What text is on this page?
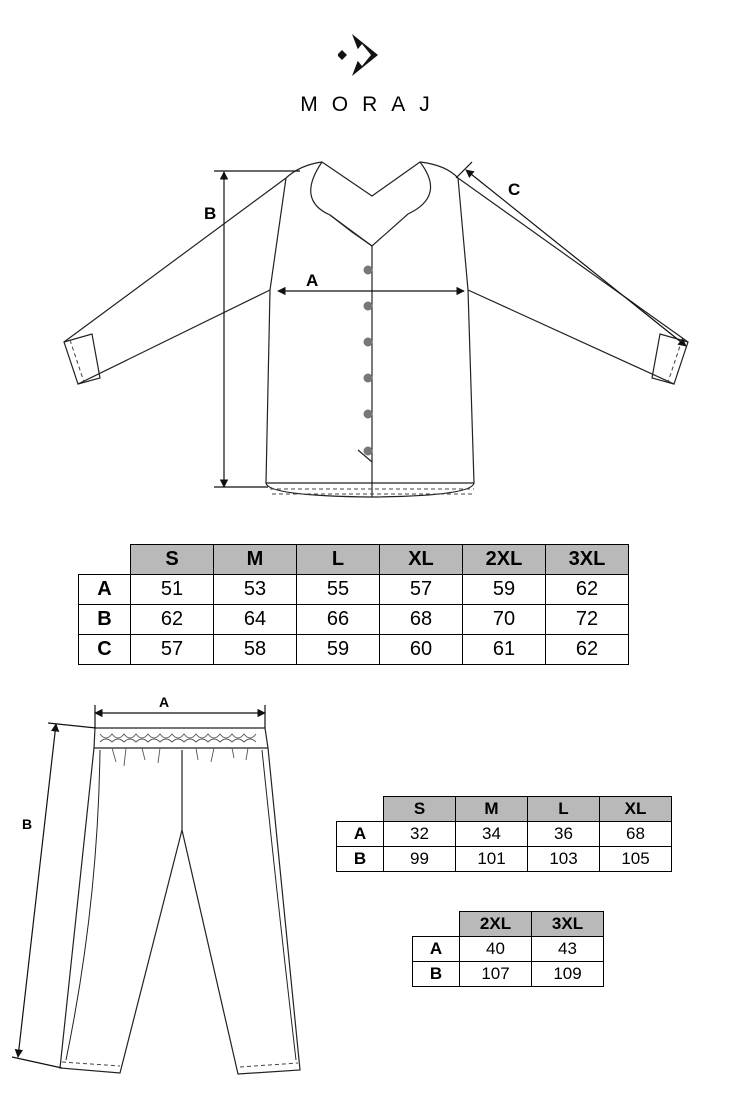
MORAJ
B
A
C
A
B
	S	M	L	XL	2XL	3XL
A	51	53	55	57	59	62
B	62	64	66	68	70	72
C	57	58	59	60	61	62
	S	M	L	XL
A	32	34	36	68
B	99	101	103	105
	2XL	3XL
A	40	43
B	107	109
